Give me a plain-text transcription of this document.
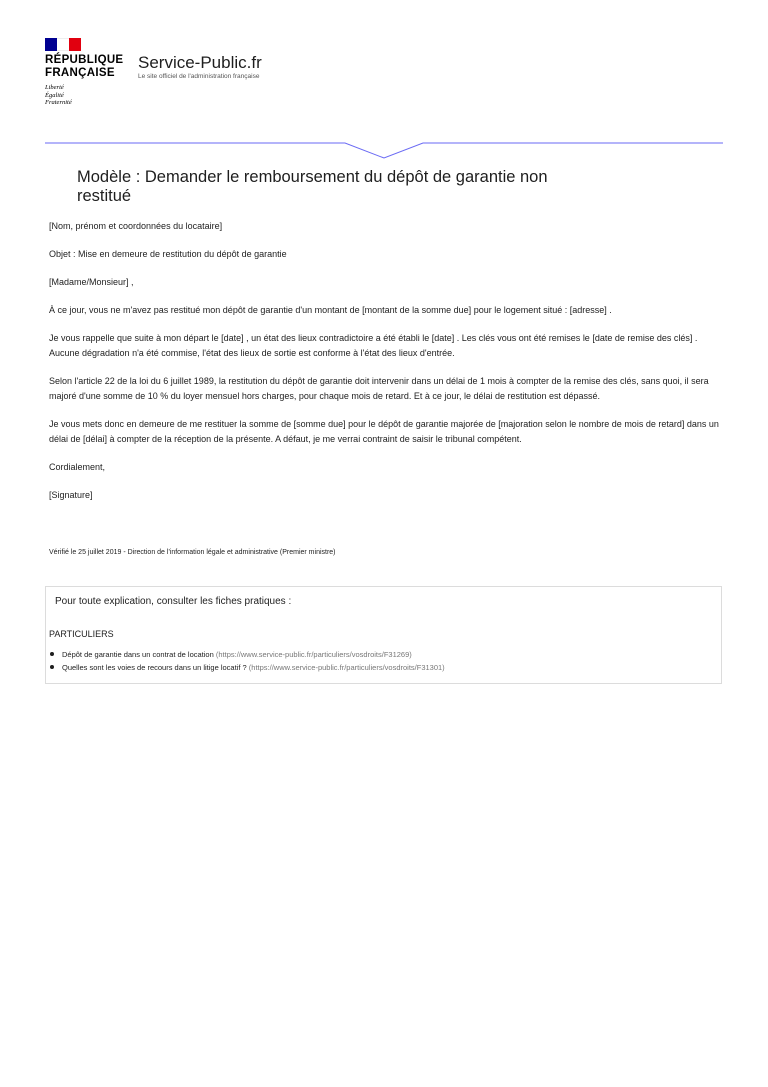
RÉPUBLIQUE
FRANÇAISE
Liberté
Égalité
Fraternité
Service-Public.fr
Le site officiel de l'administration française
Modèle : Demander le remboursement du dépôt de garantie non restitué

[Nom, prénom et coordonnées du locataire]

Objet : Mise en demeure de restitution du dépôt de garantie

[Madame/Monsieur] ,

À ce jour, vous ne m'avez pas restitué mon dépôt de garantie d'un montant de [montant de la somme due] pour le logement situé : [adresse] .

Je vous rappelle que suite à mon départ le [date] , un état des lieux contradictoire a été établi le [date] . Les clés vous ont été remises le [date de remise des clés] . Aucune dégradation n'a été commise, l'état des lieux de sortie est conforme à l'état des lieux d'entrée.

Selon l'article 22 de la loi du 6 juillet 1989, la restitution du dépôt de garantie doit intervenir dans un délai de 1 mois à compter de la remise des clés, sans quoi, il sera majoré d'une somme de 10 % du loyer mensuel hors charges, pour chaque mois de retard. Et à ce jour, le délai de restitution est dépassé.

Je vous mets donc en demeure de me restituer la somme de [somme due] pour le dépôt de garantie majorée de [majoration selon le nombre de mois de retard] dans un délai de [délai] à compter de la réception de la présente. A défaut, je me verrai contraint de saisir le tribunal compétent.

Cordialement,

[Signature]

Vérifié le 25 juillet 2019 - Direction de l'information légale et administrative (Premier ministre)
Pour toute explication, consulter les fiches pratiques :
PARTICULIERS
Dépôt de garantie dans un contrat de location (https://www.service-public.fr/particuliers/vosdroits/F31269)
Quelles sont les voies de recours dans un litige locatif ? (https://www.service-public.fr/particuliers/vosdroits/F31301)
